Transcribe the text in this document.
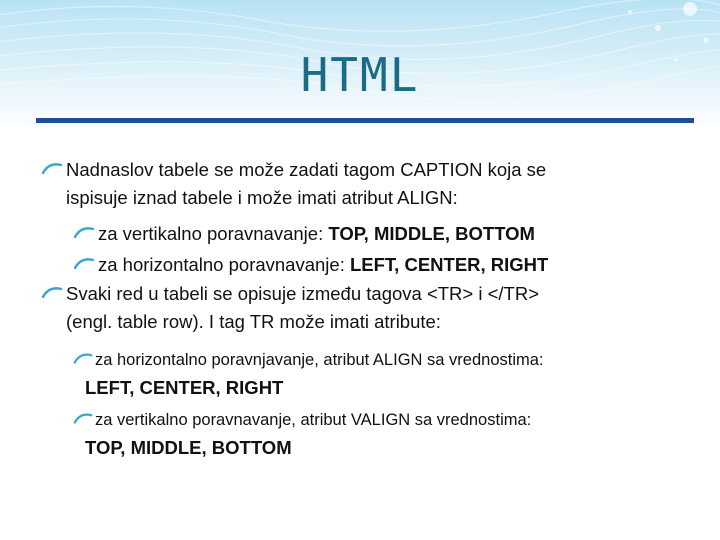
HTML
Nadnaslov tabele se može zadati tagom CAPTION koja se
ispisuje iznad tabele i može imati atribut ALIGN:
za vertikalno poravnavanje: TOP, MIDDLE, BOTTOM
za horizontalno poravnavanje: LEFT, CENTER, RIGHT
Svaki red u tabeli se opisuje između tagova <TR> i </TR>
(engl. table row). I tag TR može imati atribute:
za horizontalno poravnjavanje, atribut ALIGN sa vrednostima:
LEFT, CENTER, RIGHT
za vertikalno poravnavanje, atribut VALIGN sa vrednostima:
TOP, MIDDLE, BOTTOM
